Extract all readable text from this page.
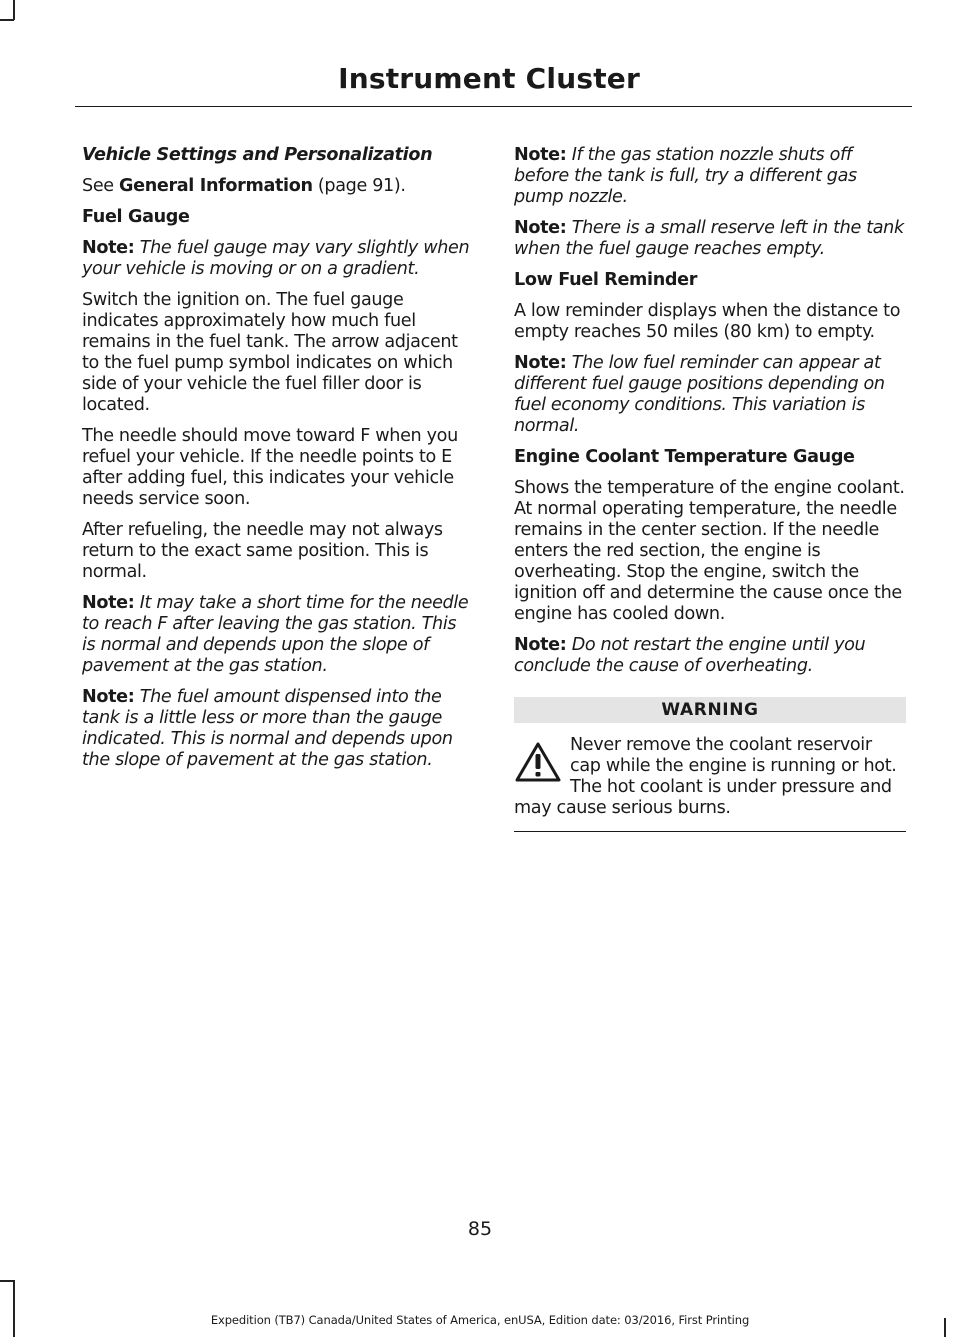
Instrument Cluster

Vehicle Settings and Personalization

See General Information (page 91).

Fuel Gauge

Note: The fuel gauge may vary slightly when your vehicle is moving or on a gradient.

Switch the ignition on. The fuel gauge indicates approximately how much fuel remains in the fuel tank. The arrow adjacent to the fuel pump symbol indicates on which side of your vehicle the fuel filler door is located.

The needle should move toward F when you refuel your vehicle. If the needle points to E after adding fuel, this indicates your vehicle needs service soon.

After refueling, the needle may not always return to the exact same position. This is normal.

Note: It may take a short time for the needle to reach F after leaving the gas station. This is normal and depends upon the slope of pavement at the gas station.

Note: The fuel amount dispensed into the tank is a little less or more than the gauge indicated. This is normal and depends upon the slope of pavement at the gas station.

Note: If the gas station nozzle shuts off before the tank is full, try a different gas pump nozzle.

Note: There is a small reserve left in the tank when the fuel gauge reaches empty.

Low Fuel Reminder

A low reminder displays when the distance to empty reaches 50 miles (80 km) to empty.

Note: The low fuel reminder can appear at different fuel gauge positions depending on fuel economy conditions. This variation is normal.

Engine Coolant Temperature Gauge

Shows the temperature of the engine coolant. At normal operating temperature, the needle remains in the center section. If the needle enters the red section, the engine is overheating. Stop the engine, switch the ignition off and determine the cause once the engine has cooled down.

Note: Do not restart the engine until you conclude the cause of overheating.

WARNING
Never remove the coolant reservoir cap while the engine is running or hot. The hot coolant is under pressure and may cause serious burns.
85
Expedition (TB7) Canada/United States of America, enUSA, Edition date: 03/2016, First Printing
